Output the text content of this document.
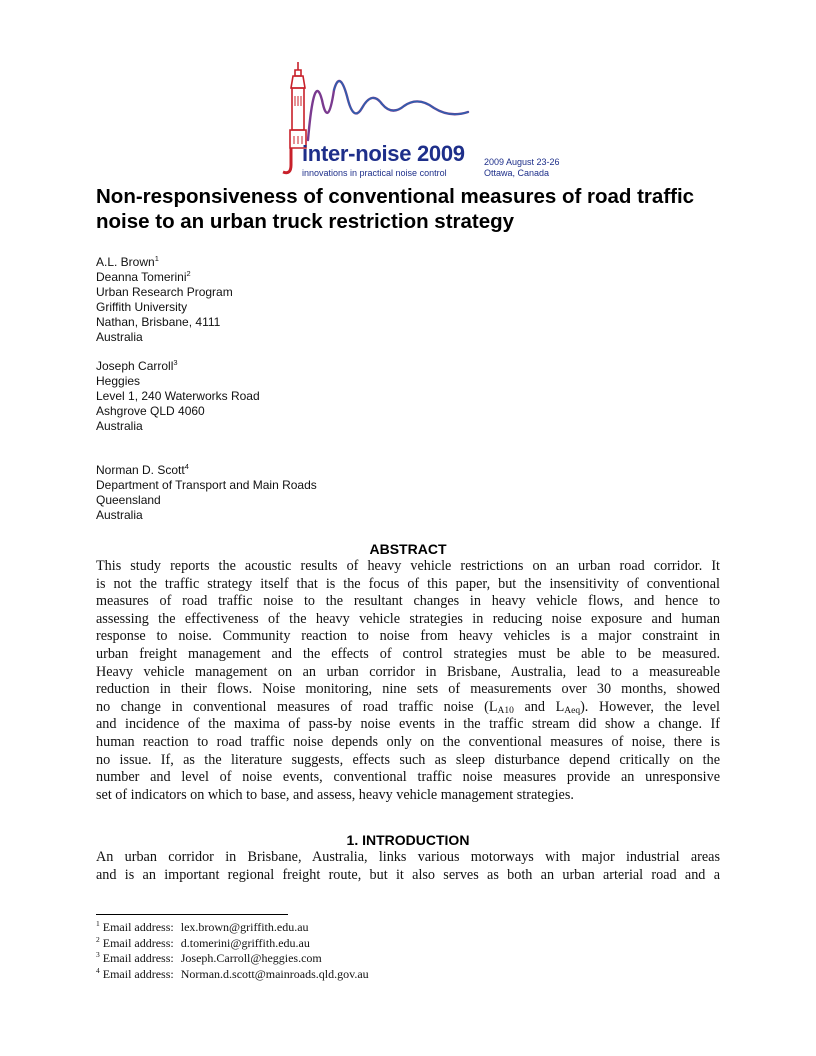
inter-noise 2009
innovations in practical noise control
2009 August 23-26
Ottawa, Canada
Non-responsiveness of conventional measures of road traffic
noise to an urban truck restriction strategy
A.L. Brown$^1$
Deanna Tomerini$^2$
Urban Research Program
Griffith University
Nathan, Brisbane, 4111
Australia
Joseph Carroll$^3$
Heggies
Level 1, 240 Waterworks Road
Ashgrove QLD 4060
Australia
Norman D. Scott$^4$
Department of Transport and Main Roads
Queensland
Australia
ABSTRACT
This study reports the acoustic results of heavy vehicle restrictions on an urban road corridor. It
is not the traffic strategy itself that is the focus of this paper, but the insensitivity of conventional
measures of road traffic noise to the resultant changes in heavy vehicle flows, and hence to
assessing the effectiveness of the heavy vehicle strategies in reducing noise exposure and human
response to noise. Community reaction to noise from heavy vehicles is a major constraint in
urban freight management and the effects of control strategies must be able to be measured.
Heavy vehicle management on an urban corridor in Brisbane, Australia, lead to a measureable
reduction in their flows. Noise monitoring, nine sets of measurements over 30 months, showed
no change in conventional measures of road traffic noise ($L_{A10}$ and $L_{Aeq}$). However, the level
and incidence of the maxima of pass-by noise events in the traffic stream did show a change. If
human reaction to road traffic noise depends only on the conventional measures of noise, there is
no issue. If, as the literature suggests, effects such as sleep disturbance depend critically on the
number and level of noise events, conventional traffic noise measures provide an unresponsive
set of indicators on which to base, and assess, heavy vehicle management strategies.
1. INTRODUCTION
An urban corridor in Brisbane, Australia, links various motorways with major industrial areas
and is an important regional freight route, but it also serves as both an urban arterial road and a
$^1$ Email address: lex.brown@griffith.edu.au
$^2$ Email address: d.tomerini@griffith.edu.au
$^3$ Email address: Joseph.Carroll@heggies.com
$^4$ Email address: Norman.d.scott@mainroads.qld.gov.au
